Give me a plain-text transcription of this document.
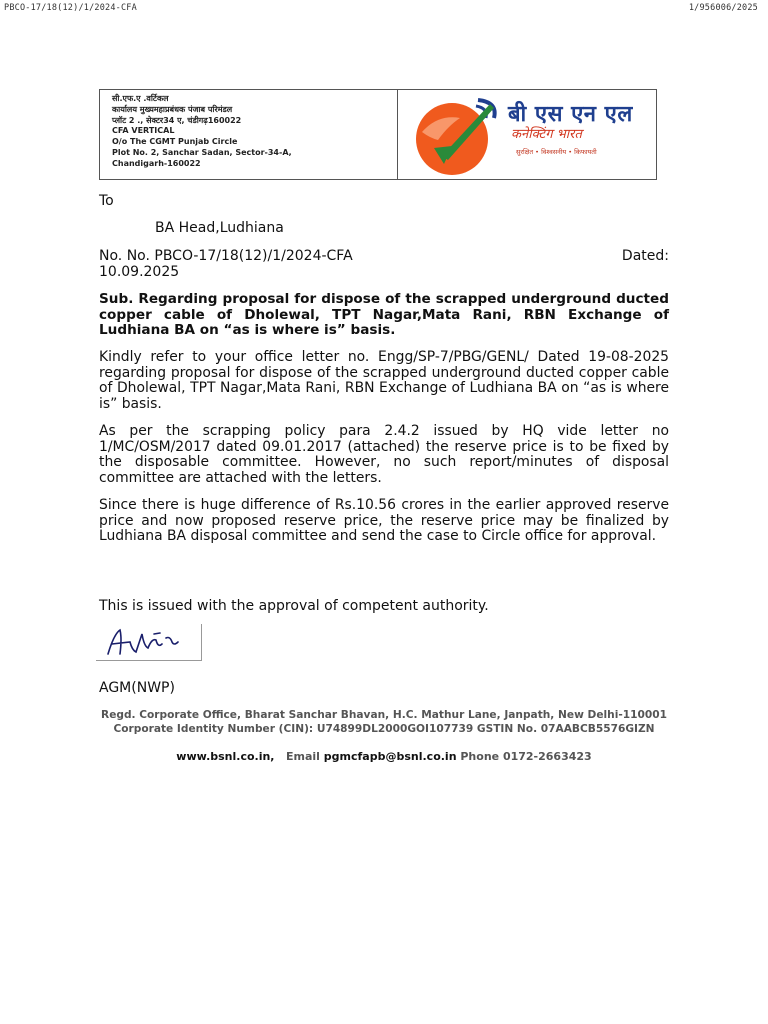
PBCO-17/18(12)/1/2024-CFA	1/956006/2025
सी.एफ.ए .वर्टिकल
कार्यालय मुख्यमहाप्रबंधक पंजाब परिमंडल
प्लॉट 2 ., सेक्टर34 ए, चंडीगढ़160022
CFA VERTICAL
O/o The CGMT Punjab Circle
Plot No. 2, Sanchar Sadan, Sector-34-A,
Chandigarh-160022
बी एस एन एल
कनेक्टिंग भारत
सुरक्षित • विश्वसनीय • किफायती
To
BA Head,Ludhiana
No. No. PBCO-17/18(12)/1/2024-CFA	Dated:
10.09.2025
Sub. Regarding proposal for dispose of the scrapped underground ducted copper cable of Dholewal, TPT Nagar,Mata Rani, RBN Exchange of Ludhiana BA on “as is where is” basis.
Kindly refer to your office letter no. Engg/SP-7/PBG/GENL/ Dated 19-08-2025 regarding proposal for dispose of the scrapped underground ducted copper cable of Dholewal, TPT Nagar,Mata Rani, RBN Exchange of Ludhiana BA on “as is where is” basis.
As per the scrapping policy para 2.4.2 issued by HQ vide letter no 1/MC/OSM/2017 dated 09.01.2017 (attached) the reserve price is to be fixed by the disposable committee. However, no such report/minutes of disposal committee are attached with the letters.
Since there is huge difference of Rs.10.56 crores in the earlier approved reserve price and now proposed reserve price, the reserve price may be finalized by Ludhiana BA disposal committee and send the case to Circle office for approval.
This is issued with the approval of competent authority.
AGM(NWP)
Regd. Corporate Office, Bharat Sanchar Bhavan, H.C. Mathur Lane, Janpath, New Delhi-110001 Corporate Identity Number (CIN): U74899DL2000GOI107739 GSTIN No. 07AABCB5576GIZN
www.bsnl.co.in, Email pgmcfapb@bsnl.co.in Phone 0172-2663423
